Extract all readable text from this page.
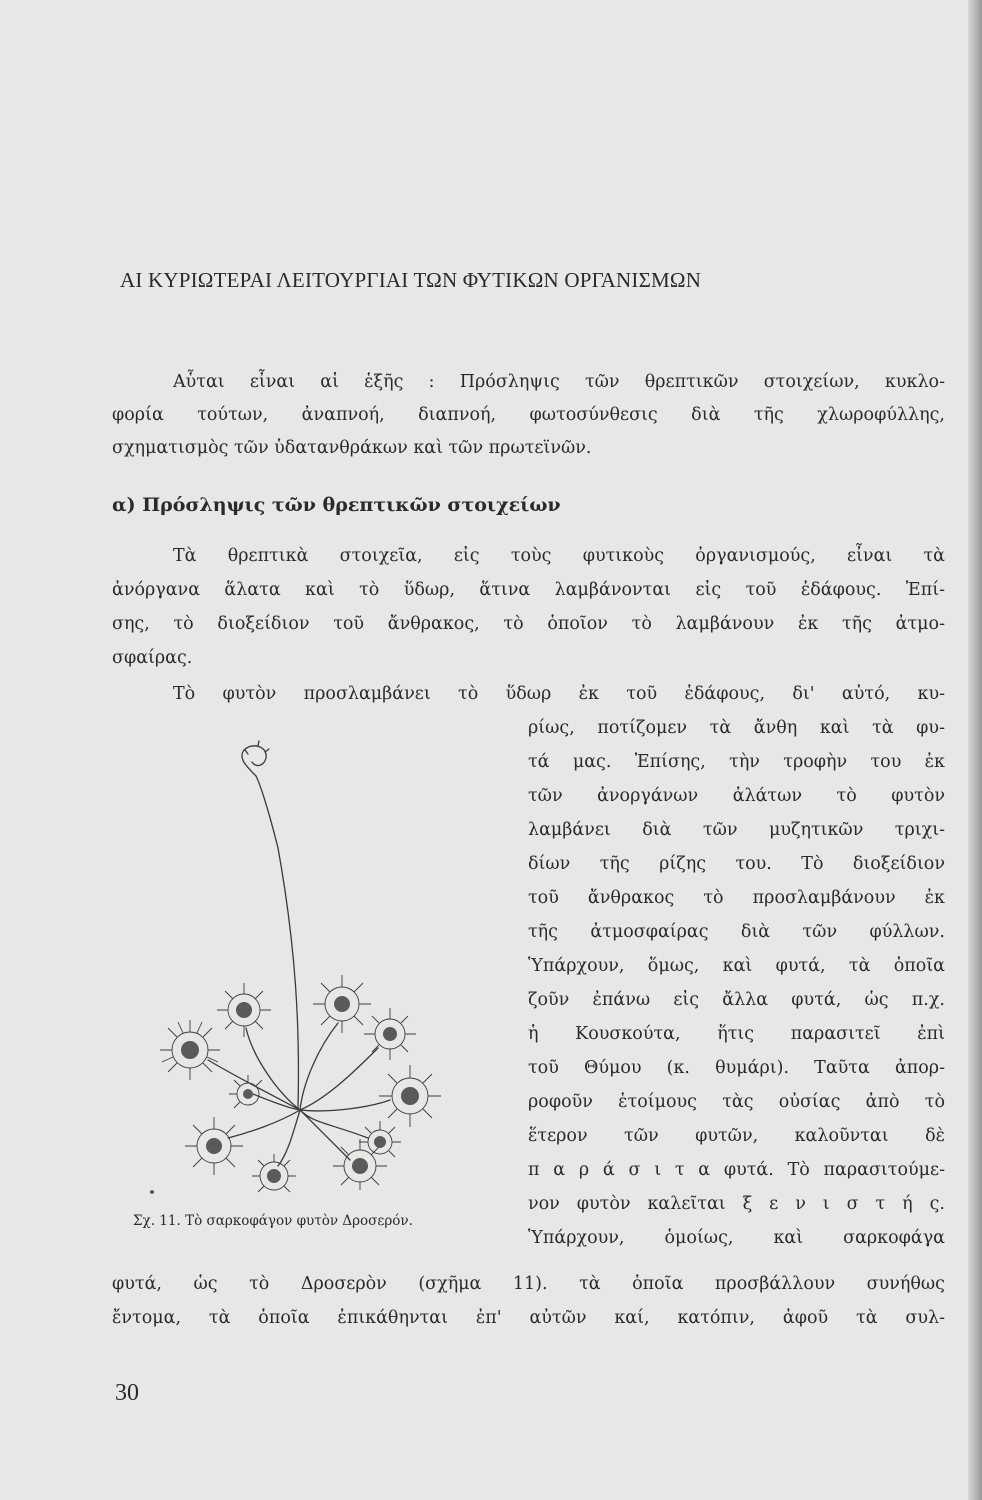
ΑΙ ΚΥΡΙΩΤΕΡΑΙ ΛΕΙΤΟΥΡΓΙΑΙ ΤΩΝ ΦΥΤΙΚΩΝ ΟΡΓΑΝΙΣΜΩΝ
Αὗται εἶναι αἱ ἑξῆς : Πρόσληψις τῶν θρεπτικῶν στοιχείων, κυκλο-
φορία τούτων, ἀναπνοή, διαπνοή, φωτοσύνθεσις διὰ τῆς χλωροφύλλης,
σχηματισμὸς τῶν ὑδατανθράκων καὶ τῶν πρωτεϊνῶν.
α) Πρόσληψις τῶν θρεπτικῶν στοιχείων
Τὰ θρεπτικὰ στοιχεῖα, εἰς τοὺς φυτικοὺς ὀργανισμούς, εἶναι τὰ
ἀνόργανα ἅλατα καὶ τὸ ὕδωρ, ἅτινα λαμβάνονται εἰς τοῦ ἐδάφους. Ἐπί-
σης, τὸ διοξείδιον τοῦ ἄνθρακος, τὸ ὁποῖον τὸ λαμβάνουν ἐκ τῆς ἀτμο-
σφαίρας.
Τὸ φυτὸν προσλαμβάνει τὸ ὕδωρ ἐκ τοῦ ἐδάφους, δι' αὐτό, κυ-
ρίως, ποτίζομεν τὰ ἄνθη καὶ τὰ φυ-
τά μας. Ἐπίσης, τὴν τροφὴν του ἐκ
τῶν ἀνοργάνων ἁλάτων τὸ φυτὸν
λαμβάνει διὰ τῶν μυζητικῶν τριχι-
δίων τῆς ρίζης του. Τὸ διοξείδιον
τοῦ ἄνθρακος τὸ προσλαμβάνουν ἐκ
τῆς ἀτμοσφαίρας διὰ τῶν φύλλων.
Ὑπάρχουν, ὅμως, καὶ φυτά, τὰ ὁποῖα
ζοῦν ἐπάνω εἰς ἄλλα φυτά, ὡς π.χ.
ἡ Κουσκούτα, ἥτις παρασιτεῖ ἐπὶ
τοῦ Θύμου (κ. θυμάρι). Ταῦτα ἀπορ-
ροφοῦν ἑτοίμους τὰς οὐσίας ἀπὸ τὸ
ἕτερον τῶν φυτῶν, καλοῦνται δὲ
π α ρ ά σ ι τ α φυτά. Τὸ παρασιτούμε-
νον φυτὸν καλεῖται ξ ε ν ι σ τ ή ς.
Ὑπάρχουν, ὁμοίως, καὶ σαρκοφάγα
Σχ. 11. Τὸ σαρκοφάγον φυτὸν Δροσερόν.
φυτά, ὡς τὸ Δροσερὸν (σχῆμα 11). τὰ ὁποῖα προσβάλλουν συνήθως
ἔντομα, τὰ ὁποῖα ἐπικάθηνται ἐπ' αὐτῶν καί, κατόπιν, ἀφοῦ τὰ συλ-
30
